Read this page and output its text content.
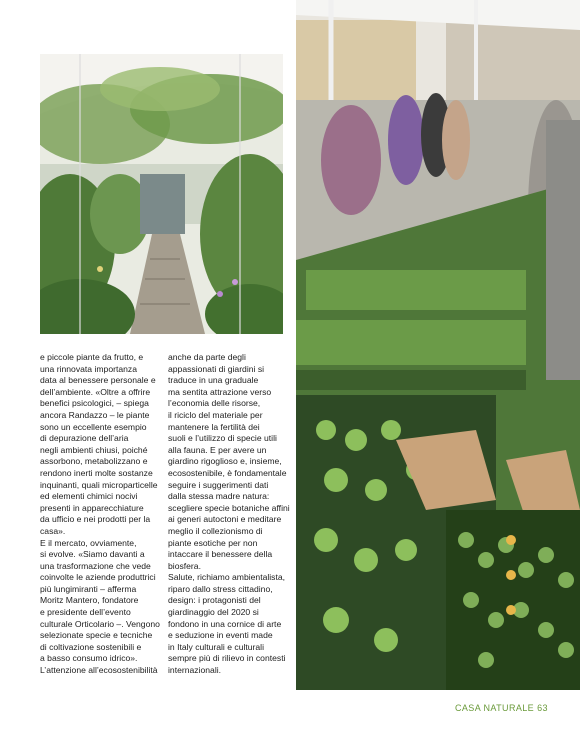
e piccole piante da frutto, e

una rinnovata importanza

data al benessere personale e

dell’ambiente. «Oltre a offrire

benefici psicologici, – spiega

ancora Randazzo – le piante

sono un eccellente esempio

di depurazione dell’aria

negli ambienti chiusi, poiché

assorbono, metabolizzano e

rendono inerti molte sostanze

inquinanti, quali microparticelle

ed elementi chimici nocivi

presenti in apparecchiature

da ufficio e nei prodotti per la

casa».

E il mercato, ovviamente,

si evolve. «Siamo davanti a

una trasformazione che vede

coinvolte le aziende produttrici

più lungimiranti – afferma

Moritz Mantero, fondatore

e presidente dell’evento

culturale Orticolario –. Vengono

selezionate specie e tecniche

di coltivazione sostenibili e

a basso consumo idrico».

L’attenzione all’ecosostenibilità

anche da parte degli

appassionati di giardini si

traduce in una graduale

ma sentita attrazione verso

l’economia delle risorse,

il riciclo del materiale per

mantenere la fertilità dei

suoli e l’utilizzo di specie utili

alla fauna. E per avere un

giardino rigoglioso e, insieme,

ecosostenibile, è fondamentale

seguire i suggerimenti dati

dalla stessa madre natura:

scegliere specie botaniche affini

ai generi autoctoni e meditare

meglio il collezionismo di

piante esotiche per non

intaccare il benessere della

biosfera.

Salute, richiamo ambientalista,

riparo dallo stress cittadino,

design: i protagonisti del

giardinaggio del 2020 si

fondono in una cornice di arte

e seduzione in eventi made

in Italy culturali e culturali

sempre più di rilievo in contesti

internazionali.

CASA NATURALE 63
